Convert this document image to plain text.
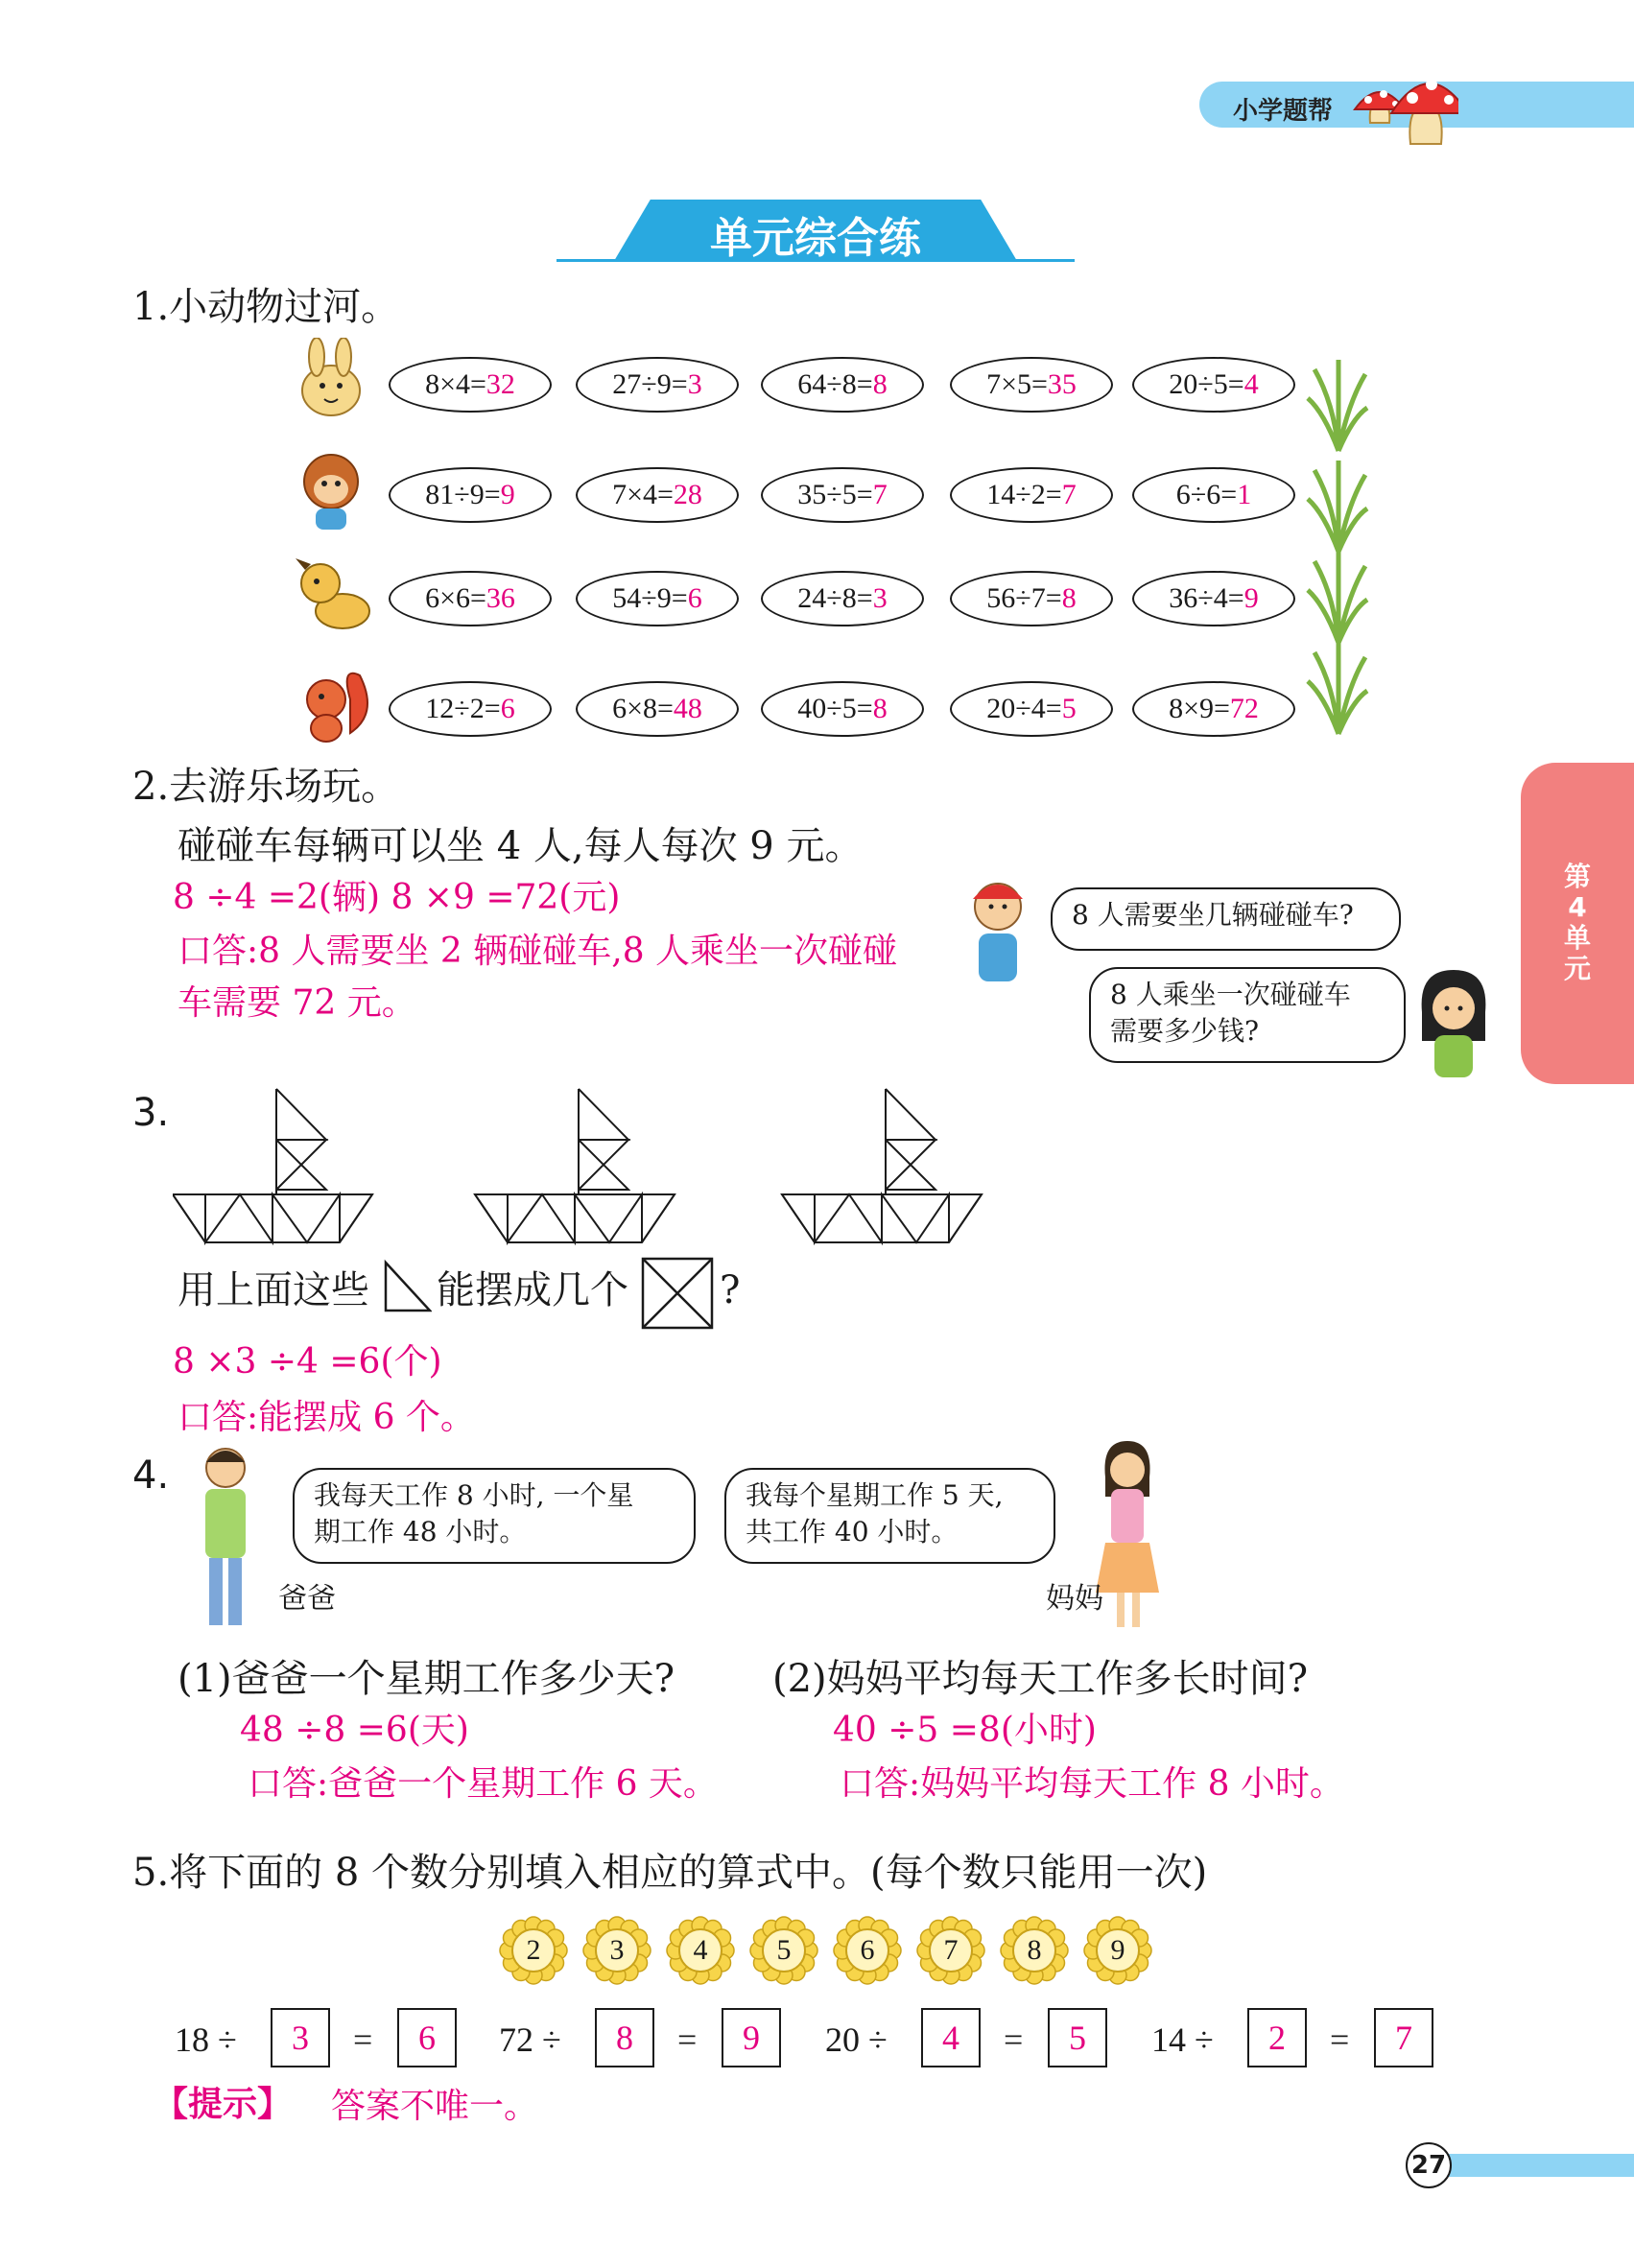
小学题帮
单元综合练
第4单元
1.小动物过河。
8×4= 32	27÷9= 3	64÷8= 8	7×5= 35	20÷5= 4
81÷9= 9	7×4= 28	35÷5= 7	14÷2= 7	6÷6= 1
6×6= 36	54÷9= 6	24÷8= 3	56÷7= 8	36÷4= 9
12÷2= 6	6×8= 48	40÷5= 8	20÷4= 5	8×9= 72
2.去游乐场玩。
碰碰车每辆可以坐 4 人,每人每次 9 元。
8 ÷4 =2(辆) 8 ×9 =72(元)
口答:8 人需要坐 2 辆碰碰车,8 人乘坐一次碰碰
车需要 72 元。
8 人需要坐几辆碰碰车?
8 人乘坐一次碰碰车
需要多少钱?
3.
用上面这些 能摆成几个 ?
8 ×3 ÷4 =6(个)
口答:能摆成 6 个。
4.	我每天工作 8 小时, 一个星
期工作 48 小时。
我每个星期工作 5 天,
共工作 40 小时。
爸爸	妈妈
(1)爸爸一个星期工作多少天?	(2)妈妈平均每天工作多长时间?
48 ÷8 =6(天)	40 ÷5 =8(小时)
口答:爸爸一个星期工作 6 天。	口答:妈妈平均每天工作 8 小时。
5.将下面的 8 个数分别填入相应的算式中。(每个数只能用一次)
2	3	4	5	6	7	8	9
18 ÷	3	=	6	72 ÷	8	=	9	20 ÷	4	=	5	14 ÷	2	=	7
【提示】 答案不唯一。
27
